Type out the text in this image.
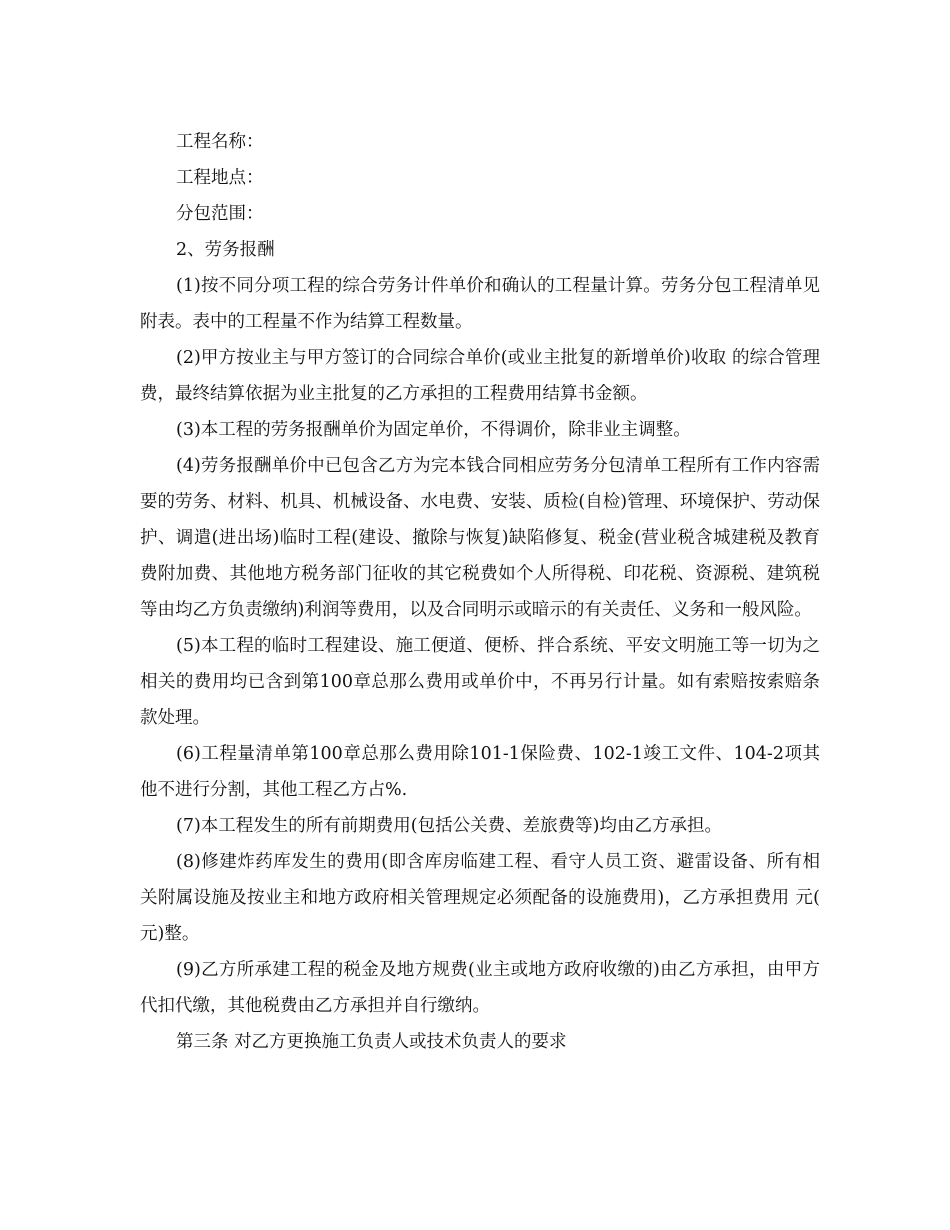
工程名称：

工程地点：

分包范围：

2、劳务报酬

(1)按不同分项工程的综合劳务计件单价和确认的工程量计算。劳务分包工程清单见附表。表中的工程量不作为结算工程数量。

(2)甲方按业主与甲方签订的合同综合单价(或业主批复的新增单价)收取 的综合管理费，最终结算依据为业主批复的乙方承担的工程费用结算书金额。

(3)本工程的劳务报酬单价为固定单价，不得调价，除非业主调整。

(4)劳务报酬单价中已包含乙方为完本钱合同相应劳务分包清单工程所有工作内容需要的劳务、材料、机具、机械设备、水电费、安装、质检(自检)管理、环境保护、劳动保护、调遣(进出场)临时工程(建设、撤除与恢复)缺陷修复、税金(营业税含城建税及教育费附加费、其他地方税务部门征收的其它税费如个人所得税、印花税、资源税、建筑税等由均乙方负责缴纳)利润等费用，以及合同明示或暗示的有关责任、义务和一般风险。

(5)本工程的临时工程建设、施工便道、便桥、拌合系统、平安文明施工等一切为之相关的费用均已含到第100章总那么费用或单价中，不再另行计量。如有索赔按索赔条款处理。

(6)工程量清单第100章总那么费用除101-1保险费、102-1竣工文件、104-2项其他不进行分割，其他工程乙方占%.

(7)本工程发生的所有前期费用(包括公关费、差旅费等)均由乙方承担。

(8)修建炸药库发生的费用(即含库房临建工程、看守人员工资、避雷设备、所有相关附属设施及按业主和地方政府相关管理规定必须配备的设施费用)，乙方承担费用 元( 元)整。

(9)乙方所承建工程的税金及地方规费(业主或地方政府收缴的)由乙方承担，由甲方代扣代缴，其他税费由乙方承担并自行缴纳。

第三条 对乙方更换施工负责人或技术负责人的要求
